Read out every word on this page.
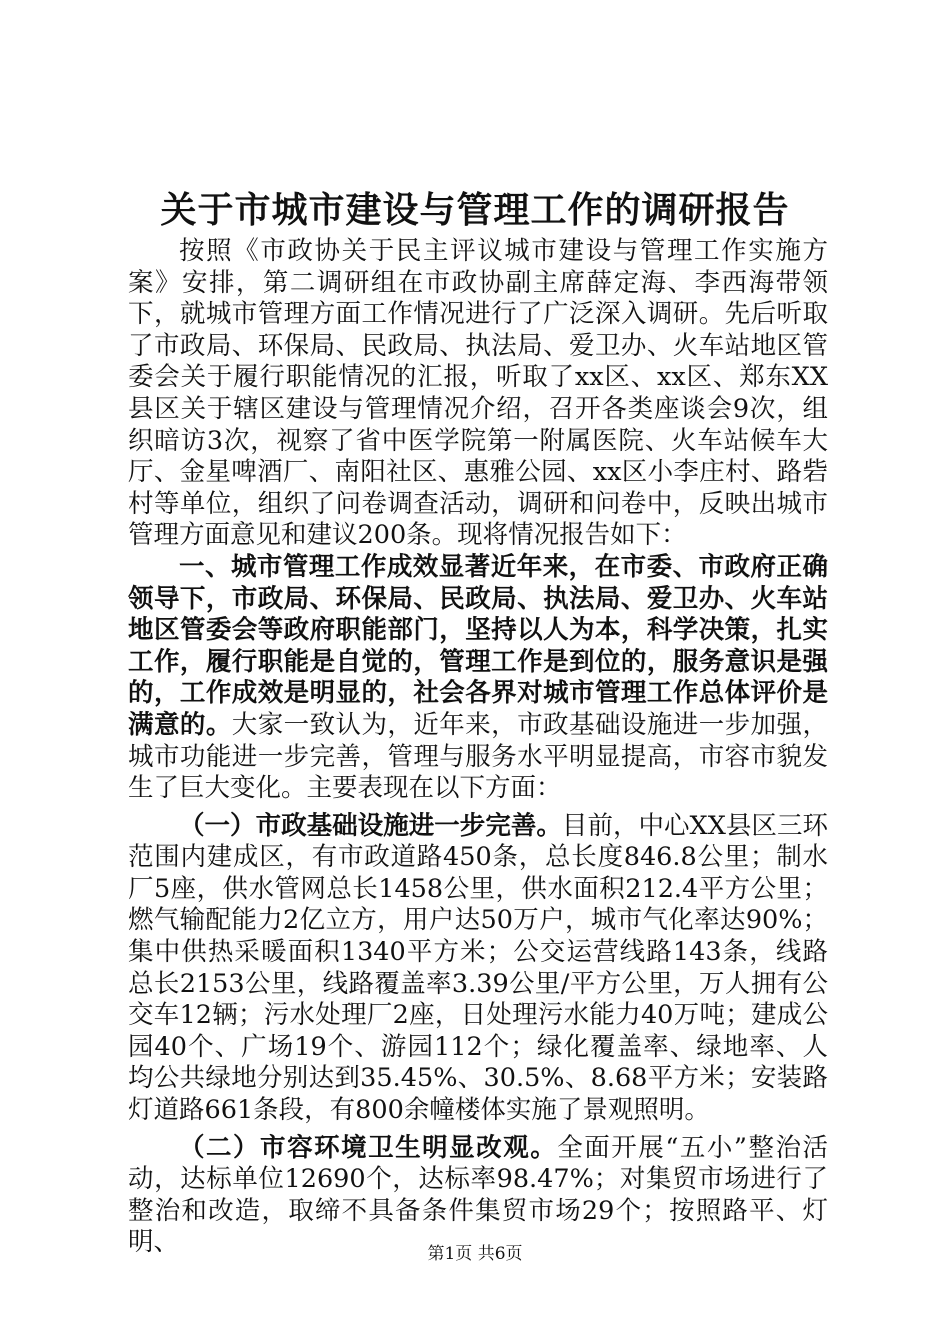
关于市城市建设与管理工作的调研报告

按照《市政协关于民主评议城市建设与管理工作实施方案》安排，第二调研组在市政协副主席薛定海、李西海带领下，就城市管理方面工作情况进行了广泛深入调研。先后听取了市政局、环保局、民政局、执法局、爱卫办、火车站地区管委会关于履行职能情况的汇报，听取了xx区、xx区、郑东XX县区关于辖区建设与管理情况介绍，召开各类座谈会9次，组织暗访3次，视察了省中医学院第一附属医院、火车站候车大厅、金星啤酒厂、南阳社区、惠雅公园、xx区小李庄村、路砦村等单位，组织了问卷调查活动，调研和问卷中，反映出城市管理方面意见和建议200条。现将情况报告如下：

一、城市管理工作成效显著近年来，在市委、市政府正确领导下，市政局、环保局、民政局、执法局、爱卫办、火车站地区管委会等政府职能部门，坚持以人为本，科学决策，扎实工作，履行职能是自觉的，管理工作是到位的，服务意识是强的，工作成效是明显的，社会各界对城市管理工作总体评价是满意的。大家一致认为，近年来，市政基础设施进一步加强，城市功能进一步完善，管理与服务水平明显提高，市容市貌发生了巨大变化。主要表现在以下方面：

（一）市政基础设施进一步完善。目前，中心XX县区三环范围内建成区，有市政道路450条，总长度846.8公里；制水厂5座，供水管网总长1458公里，供水面积212.4平方公里；燃气输配能力2亿立方，用户达50万户，城市气化率达90%；集中供热采暖面积1340平方米；公交运营线路143条，线路总长2153公里，线路覆盖率3.39公里/平方公里，万人拥有公交车12辆；污水处理厂2座，日处理污水能力40万吨；建成公园40个、广场19个、游园112个；绿化覆盖率、绿地率、人均公共绿地分别达到35.45%、30.5%、8.68平方米；安装路灯道路661条段，有800余幢楼体实施了景观照明。

（二）市容环境卫生明显改观。全面开展“五小”整治活动，达标单位12690个，达标率98.47%；对集贸市场进行了整治和改造，取缔不具备条件集贸市场29个；按照路平、灯明、	第1页 共6页
